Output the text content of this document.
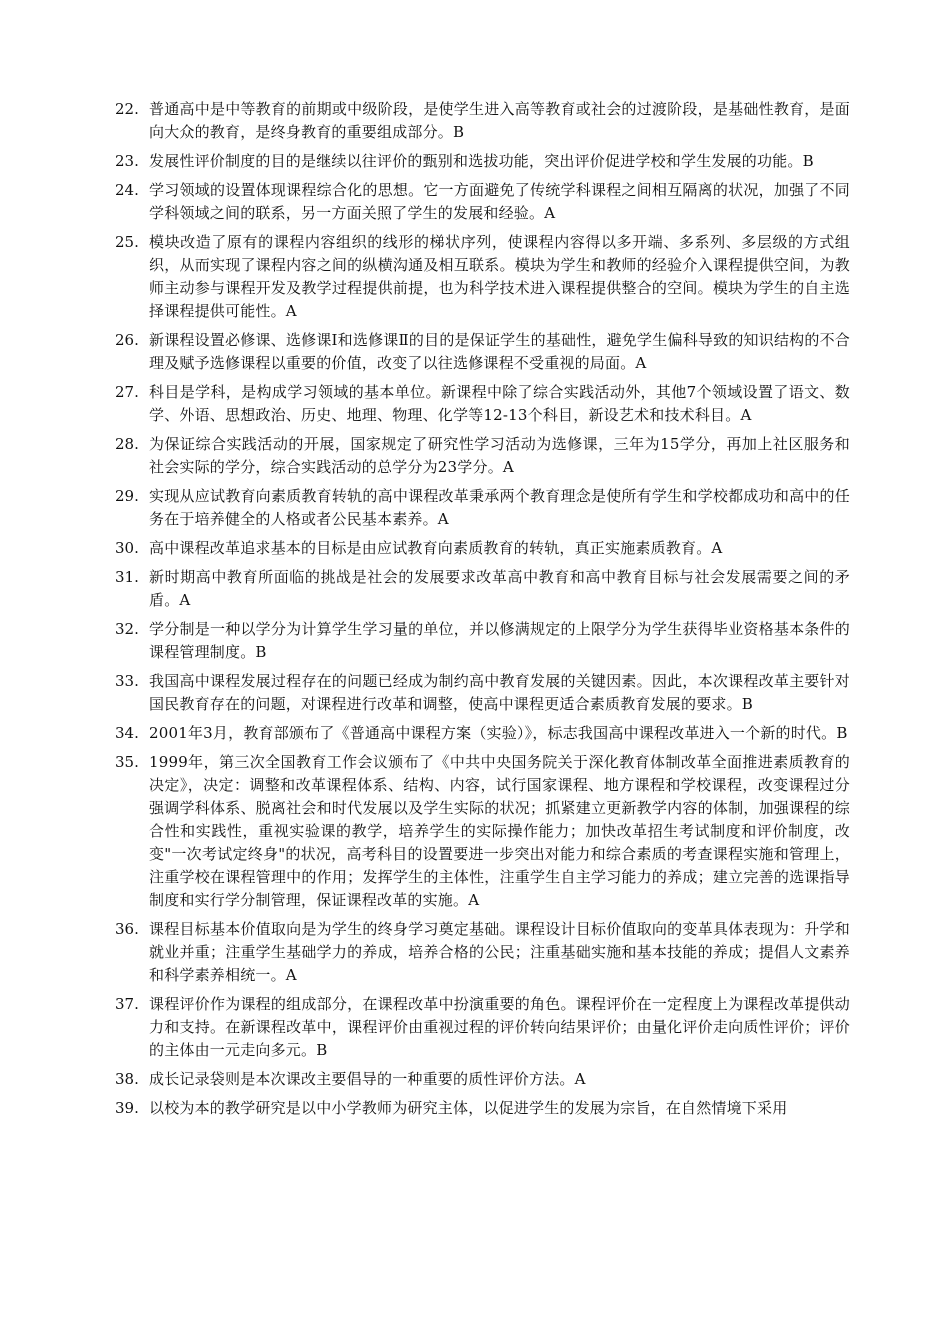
22. 普通高中是中等教育的前期或中级阶段，是使学生进入高等教育或社会的过渡阶段，是基础性教育，是面向大众的教育，是终身教育的重要组成部分。B
23. 发展性评价制度的目的是继续以往评价的甄别和选拔功能，突出评价促进学校和学生发展的功能。B
24. 学习领域的设置体现课程综合化的思想。它一方面避免了传统学科课程之间相互隔离的状况，加强了不同学科领域之间的联系，另一方面关照了学生的发展和经验。A
25. 模块改造了原有的课程内容组织的线形的梯状序列，使课程内容得以多开端、多系列、多层级的方式组织，从而实现了课程内容之间的纵横沟通及相互联系。模块为学生和教师的经验介入课程提供空间，为教师主动参与课程开发及教学过程提供前提，也为科学技术进入课程提供整合的空间。模块为学生的自主选择课程提供可能性。A
26. 新课程设置必修课、选修课Ⅰ和选修课Ⅱ的目的是保证学生的基础性，避免学生偏科导致的知识结构的不合理及赋予选修课程以重要的价值，改变了以往选修课程不受重视的局面。A
27. 科目是学科，是构成学习领域的基本单位。新课程中除了综合实践活动外，其他7个领域设置了语文、数学、外语、思想政治、历史、地理、物理、化学等12-13个科目，新设艺术和技术科目。A
28. 为保证综合实践活动的开展，国家规定了研究性学习活动为选修课，三年为15学分，再加上社区服务和社会实际的学分，综合实践活动的总学分为23学分。A
29. 实现从应试教育向素质教育转轨的高中课程改革秉承两个教育理念是使所有学生和学校都成功和高中的任务在于培养健全的人格或者公民基本素养。A
30. 高中课程改革追求基本的目标是由应试教育向素质教育的转轨，真正实施素质教育。A
31. 新时期高中教育所面临的挑战是社会的发展要求改革高中教育和高中教育目标与社会发展需要之间的矛盾。A
32. 学分制是一种以学分为计算学生学习量的单位，并以修满规定的上限学分为学生获得毕业资格基本条件的课程管理制度。B
33. 我国高中课程发展过程存在的问题已经成为制约高中教育发展的关键因素。因此，本次课程改革主要针对国民教育存在的问题，对课程进行改革和调整，使高中课程更适合素质教育发展的要求。B
34. 2001年3月，教育部颁布了《普通高中课程方案（实验）》，标志我国高中课程改革进入一个新的时代。B
35. 1999年，第三次全国教育工作会议颁布了《中共中央国务院关于深化教育体制改革全面推进素质教育的决定》，决定：调整和改革课程体系、结构、内容，试行国家课程、地方课程和学校课程，改变课程过分强调学科体系、脱离社会和时代发展以及学生实际的状况；抓紧建立更新教学内容的体制，加强课程的综合性和实践性，重视实验课的教学，培养学生的实际操作能力；加快改革招生考试制度和评价制度，改变"一次考试定终身"的状况，高考科目的设置要进一步突出对能力和综合素质的考查课程实施和管理上，注重学校在课程管理中的作用；发挥学生的主体性，注重学生自主学习能力的养成；建立完善的选课指导制度和实行学分制管理，保证课程改革的实施。A
36. 课程目标基本价值取向是为学生的终身学习奠定基础。课程设计目标价值取向的变革具体表现为：升学和就业并重；注重学生基础学力的养成，培养合格的公民；注重基础实施和基本技能的养成；提倡人文素养和科学素养相统一。A
37. 课程评价作为课程的组成部分，在课程改革中扮演重要的角色。课程评价在一定程度上为课程改革提供动力和支持。在新课程改革中，课程评价由重视过程的评价转向结果评价；由量化评价走向质性评价；评价的主体由一元走向多元。B
38. 成长记录袋则是本次课改主要倡导的一种重要的质性评价方法。A
39. 以校为本的教学研究是以中小学教师为研究主体，以促进学生的发展为宗旨，在自然情境下采用
